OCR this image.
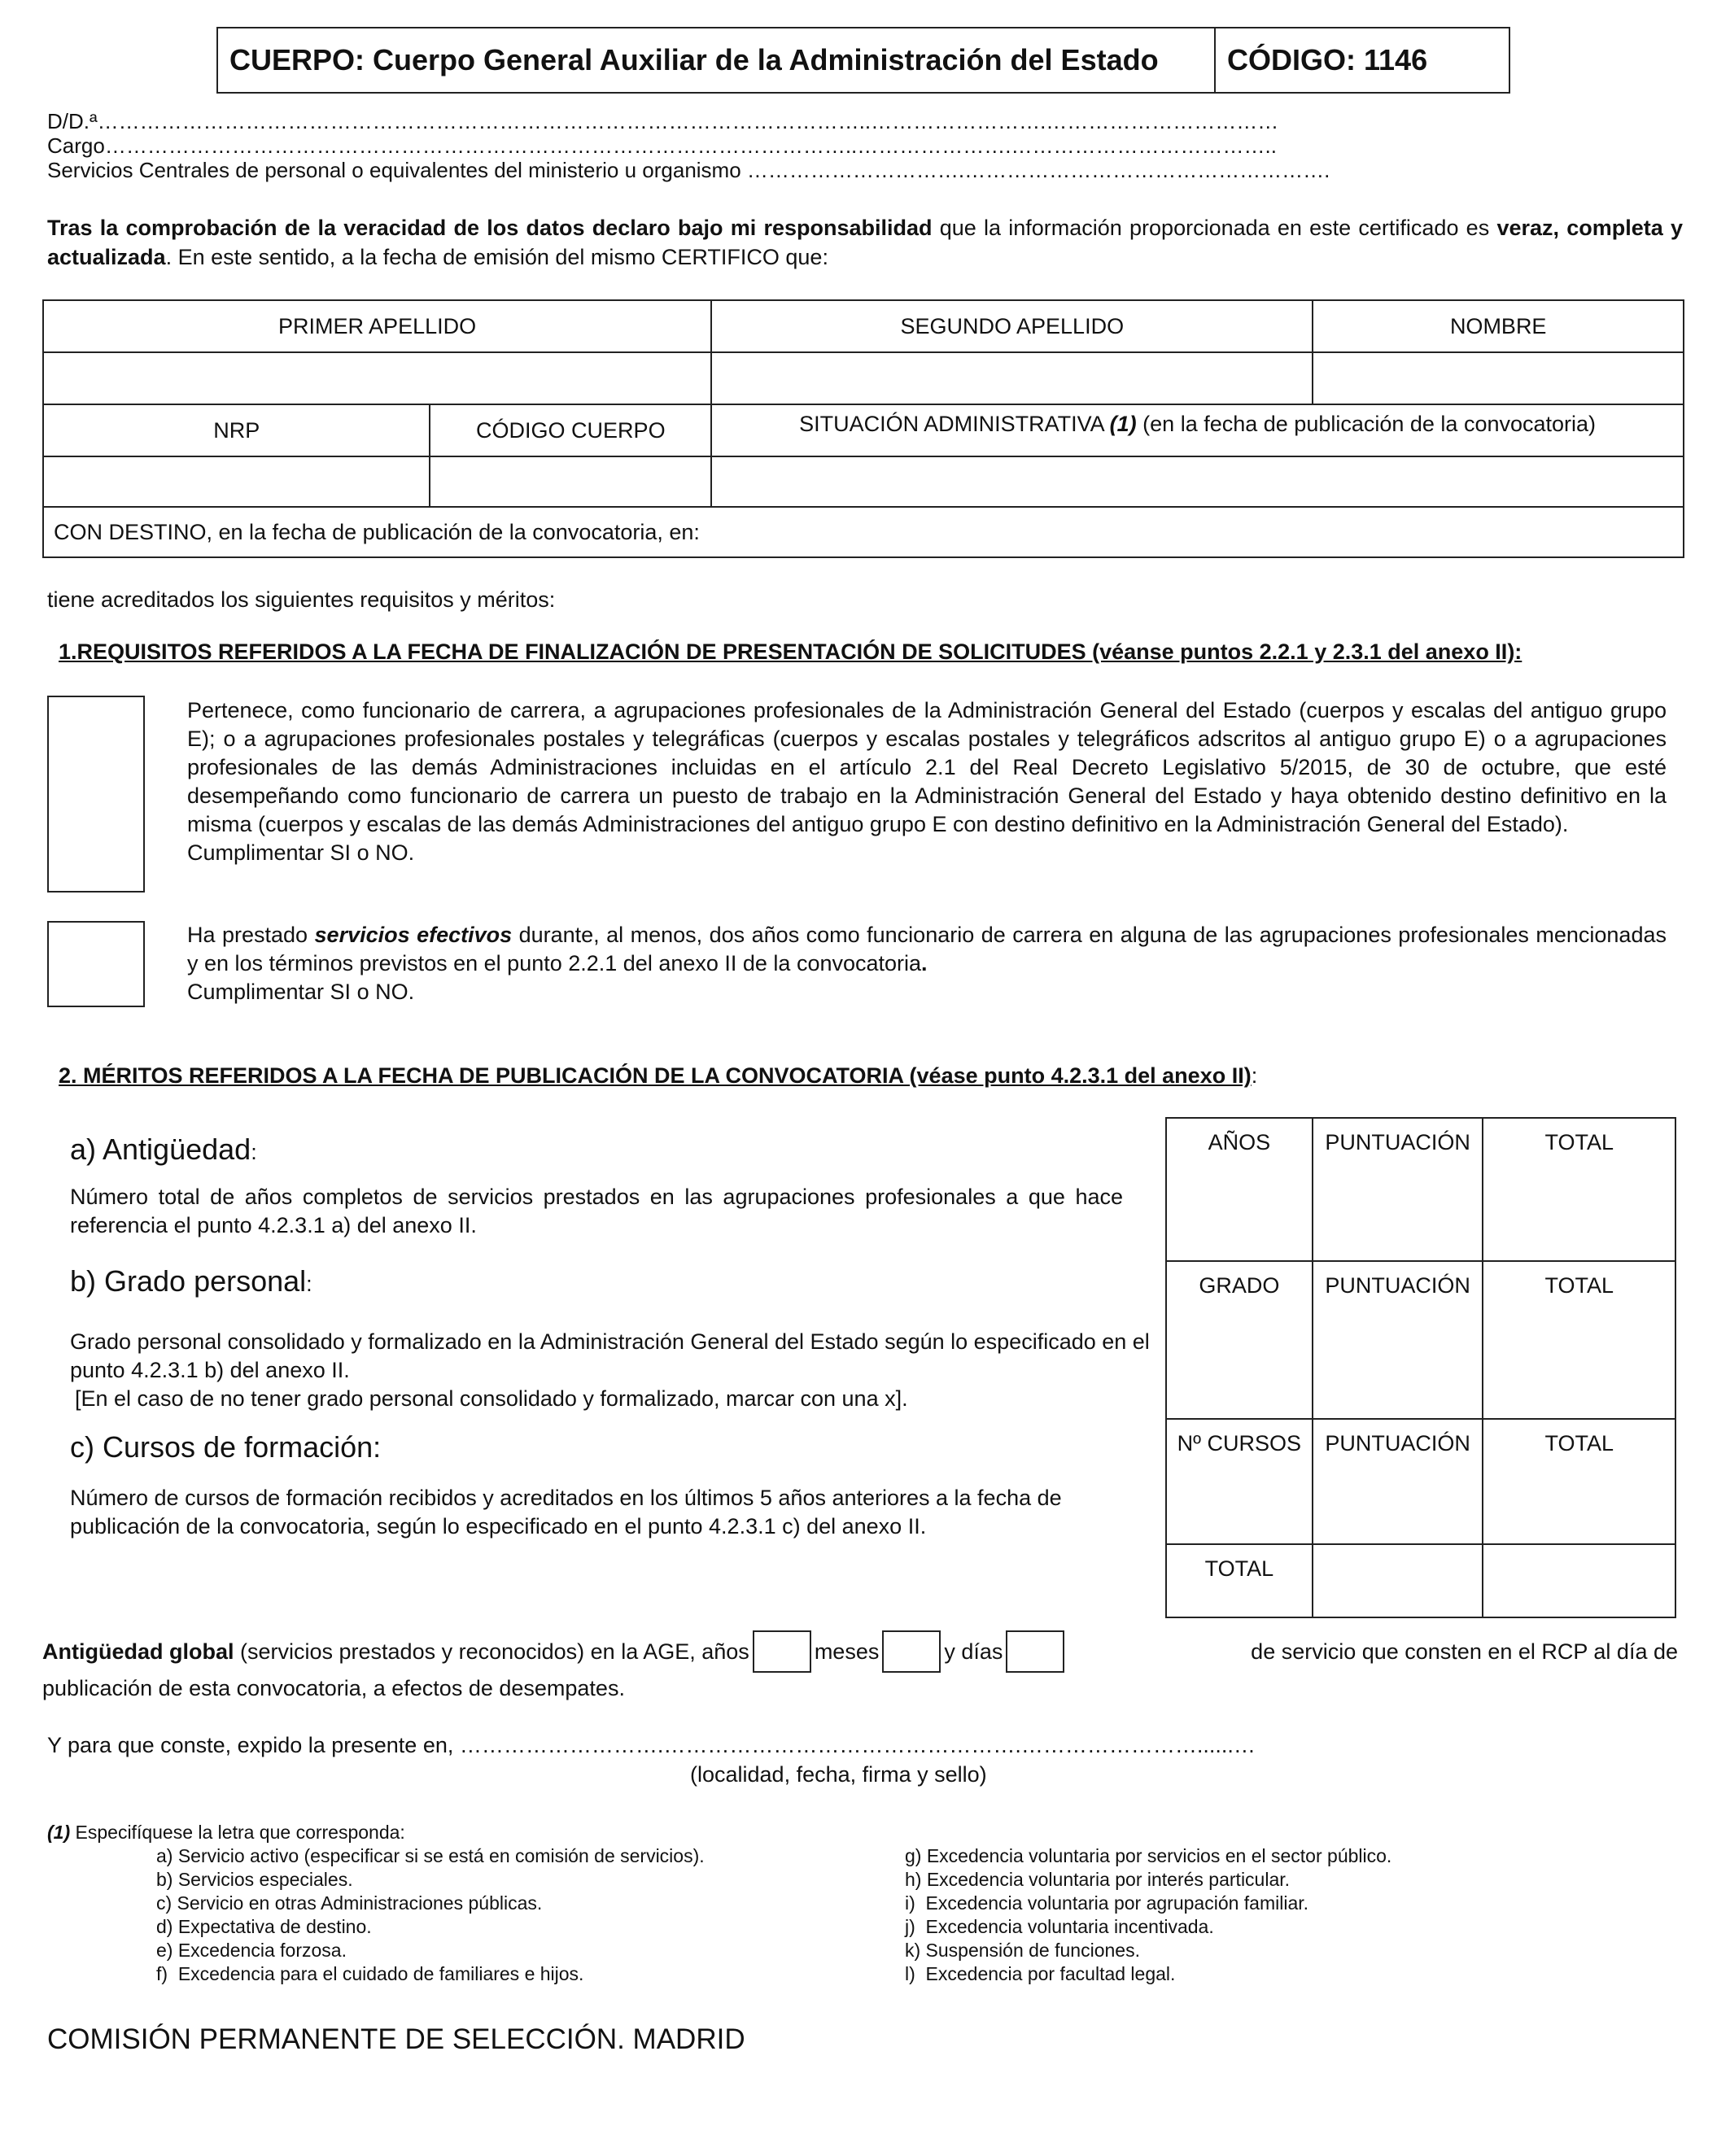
CUERPO: Cuerpo General Auxiliar de la Administración del Estado	CÓDIGO: 1146
D/D.ª………………………………………………………………………………………………..…………………….……………………………
Cargo……………………………………………………………………………………………..………………….………………………………..
Servicios Centrales de personal o equivalentes del ministerio u organismo ………………………….…………………………………………….
Tras la comprobación de la veracidad de los datos declaro bajo mi responsabilidad que la información proporcionada en este certificado es veraz, completa y actualizada. En este sentido, a la fecha de emisión del mismo CERTIFICO que:
PRIMER APELLIDO		SEGUNDO APELLIDO	NOMBRE

NRP	CÓDIGO CUERPO	SITUACIÓN ADMINISTRATIVA (1) (en la fecha de publicación de la convocatoria)	

CON DESTINO, en la fecha de publicación de la convocatoria, en:			
tiene acreditados los siguientes requisitos y méritos:
1.REQUISITOS REFERIDOS A LA FECHA DE FINALIZACIÓN DE PRESENTACIÓN DE SOLICITUDES (véanse puntos 2.2.1 y 2.3.1 del anexo II):

Pertenece, como funcionario de carrera, a agrupaciones profesionales de la Administración General del Estado (cuerpos y escalas del antiguo grupo E); o a agrupaciones profesionales postales y telegráficas (cuerpos y escalas postales y telegráficos adscritos al antiguo grupo E) o a agrupaciones profesionales de las demás Administraciones incluidas en el artículo 2.1 del Real Decreto Legislativo 5/2015, de 30 de octubre, que esté desempeñando como funcionario de carrera un puesto de trabajo en la Administración General del Estado y haya obtenido destino definitivo en la misma (cuerpos y escalas de las demás Administraciones del antiguo grupo E con destino definitivo en la Administración General del Estado).

Cumplimentar SI o NO.

Ha prestado servicios efectivos durante, al menos, dos años como funcionario de carrera en alguna de las agrupaciones profesionales mencionadas y en los términos previstos en el punto 2.2.1 del anexo II de la convocatoria.

Cumplimentar SI o NO.

2. MÉRITOS REFERIDOS A LA FECHA DE PUBLICACIÓN DE LA CONVOCATORIA (véase punto 4.2.3.1 del anexo II):
a) Antigüedad:
Número total de años completos de servicios prestados en las agrupaciones profesionales a que hace referencia el punto 4.2.3.1 a) del anexo II.
b) Grado personal:
Grado personal consolidado y formalizado en la Administración General del Estado según lo especificado en el punto 4.2.3.1 b) del anexo II.
[En el caso de no tener grado personal consolidado y formalizado, marcar con una x].
c) Cursos de formación:
Número de cursos de formación recibidos y acreditados en los últimos 5 años anteriores a la fecha de publicación de la convocatoria, según lo especificado en el punto 4.2.3.1 c) del anexo II.
AÑOS	PUNTUACIÓN	TOTAL
GRADO	PUNTUACIÓN	TOTAL
Nº CURSOS	PUNTUACIÓN	TOTAL
TOTAL		
Antigüedad global (servicios prestados y reconocidos) en la AGE, años	meses	y días	de servicio que consten en el RCP al día de
publicación de esta convocatoria, a efectos de desempates.
Y para que conste, expido la presente en, ……………………….………………………………………….……………………......…
(localidad, fecha, firma y sello)
(1) Especifíquese la letra que corresponda:
a) Servicio activo (especificar si se está en comisión de servicios).
b) Servicios especiales.
c) Servicio en otras Administraciones públicas.
d) Expectativa de destino.
e) Excedencia forzosa.
f)  Excedencia para el cuidado de familiares e hijos.
g) Excedencia voluntaria por servicios en el sector público.
h) Excedencia voluntaria por interés particular.
i)  Excedencia voluntaria por agrupación familiar.
j)  Excedencia voluntaria incentivada.
k) Suspensión de funciones.
l)  Excedencia por facultad legal.
COMISIÓN PERMANENTE DE SELECCIÓN. MADRID
